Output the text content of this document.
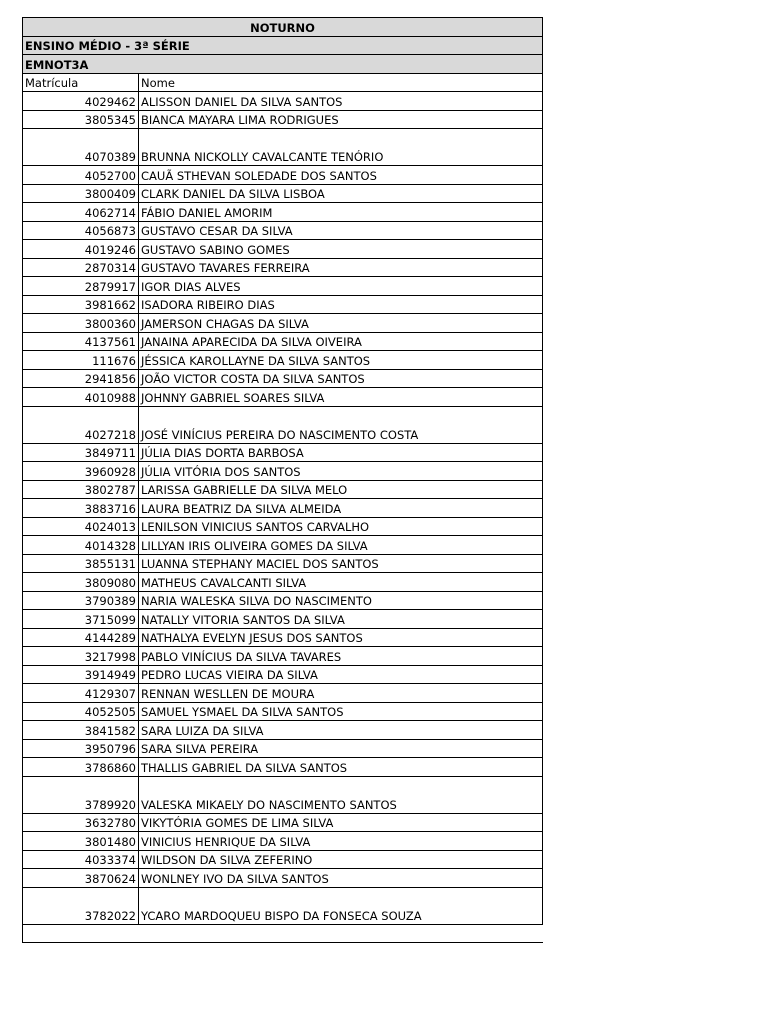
NOTURNO	
ENSINO MÉDIO - 3ª SÉRIE	
EMNOT3A	
Matrícula	Nome
4029462	ALISSON DANIEL DA SILVA SANTOS
3805345	BIANCA MAYARA LIMA RODRIGUES
4070389	BRUNNA NICKOLLY CAVALCANTE TENÓRIO
4052700	CAUÃ STHEVAN SOLEDADE DOS SANTOS
3800409	CLARK DANIEL DA SILVA LISBOA
4062714	FÁBIO DANIEL AMORIM
4056873	GUSTAVO CESAR DA SILVA
4019246	GUSTAVO SABINO GOMES
2870314	GUSTAVO TAVARES FERREIRA
2879917	IGOR DIAS ALVES
3981662	ISADORA RIBEIRO DIAS
3800360	JAMERSON CHAGAS DA SILVA
4137561	JANAINA APARECIDA DA SILVA OIVEIRA
111676	JÉSSICA KAROLLAYNE DA SILVA SANTOS
2941856	JOÃO VICTOR COSTA DA SILVA SANTOS
4010988	JOHNNY GABRIEL SOARES SILVA
4027218	JOSÉ VINÍCIUS PEREIRA DO NASCIMENTO COSTA
3849711	JÚLIA DIAS DORTA BARBOSA
3960928	JÚLIA VITÓRIA DOS SANTOS
3802787	LARISSA GABRIELLE DA SILVA MELO
3883716	LAURA BEATRIZ DA SILVA ALMEIDA
4024013	LENILSON VINICIUS SANTOS CARVALHO
4014328	LILLYAN IRIS OLIVEIRA GOMES DA SILVA
3855131	LUANNA STEPHANY MACIEL DOS SANTOS
3809080	MATHEUS CAVALCANTI SILVA
3790389	NARIA WALESKA SILVA DO NASCIMENTO
3715099	NATALLY VITORIA SANTOS DA SILVA
4144289	NATHALYA EVELYN JESUS DOS SANTOS
3217998	PABLO VINÍCIUS DA SILVA TAVARES
3914949	PEDRO LUCAS VIEIRA DA SILVA
4129307	RENNAN WESLLEN DE MOURA
4052505	SAMUEL YSMAEL DA SILVA SANTOS
3841582	SARA LUIZA DA SILVA
3950796	SARA SILVA PEREIRA
3786860	THALLIS GABRIEL DA SILVA SANTOS
3789920	VALESKA MIKAELY DO NASCIMENTO SANTOS
3632780	VIKYTÓRIA GOMES DE LIMA SILVA
3801480	VINICIUS HENRIQUE DA SILVA
4033374	WILDSON DA SILVA ZEFERINO
3870624	WONLNEY IVO DA SILVA SANTOS
3782022	YCARO MARDOQUEU BISPO DA FONSECA SOUZA
